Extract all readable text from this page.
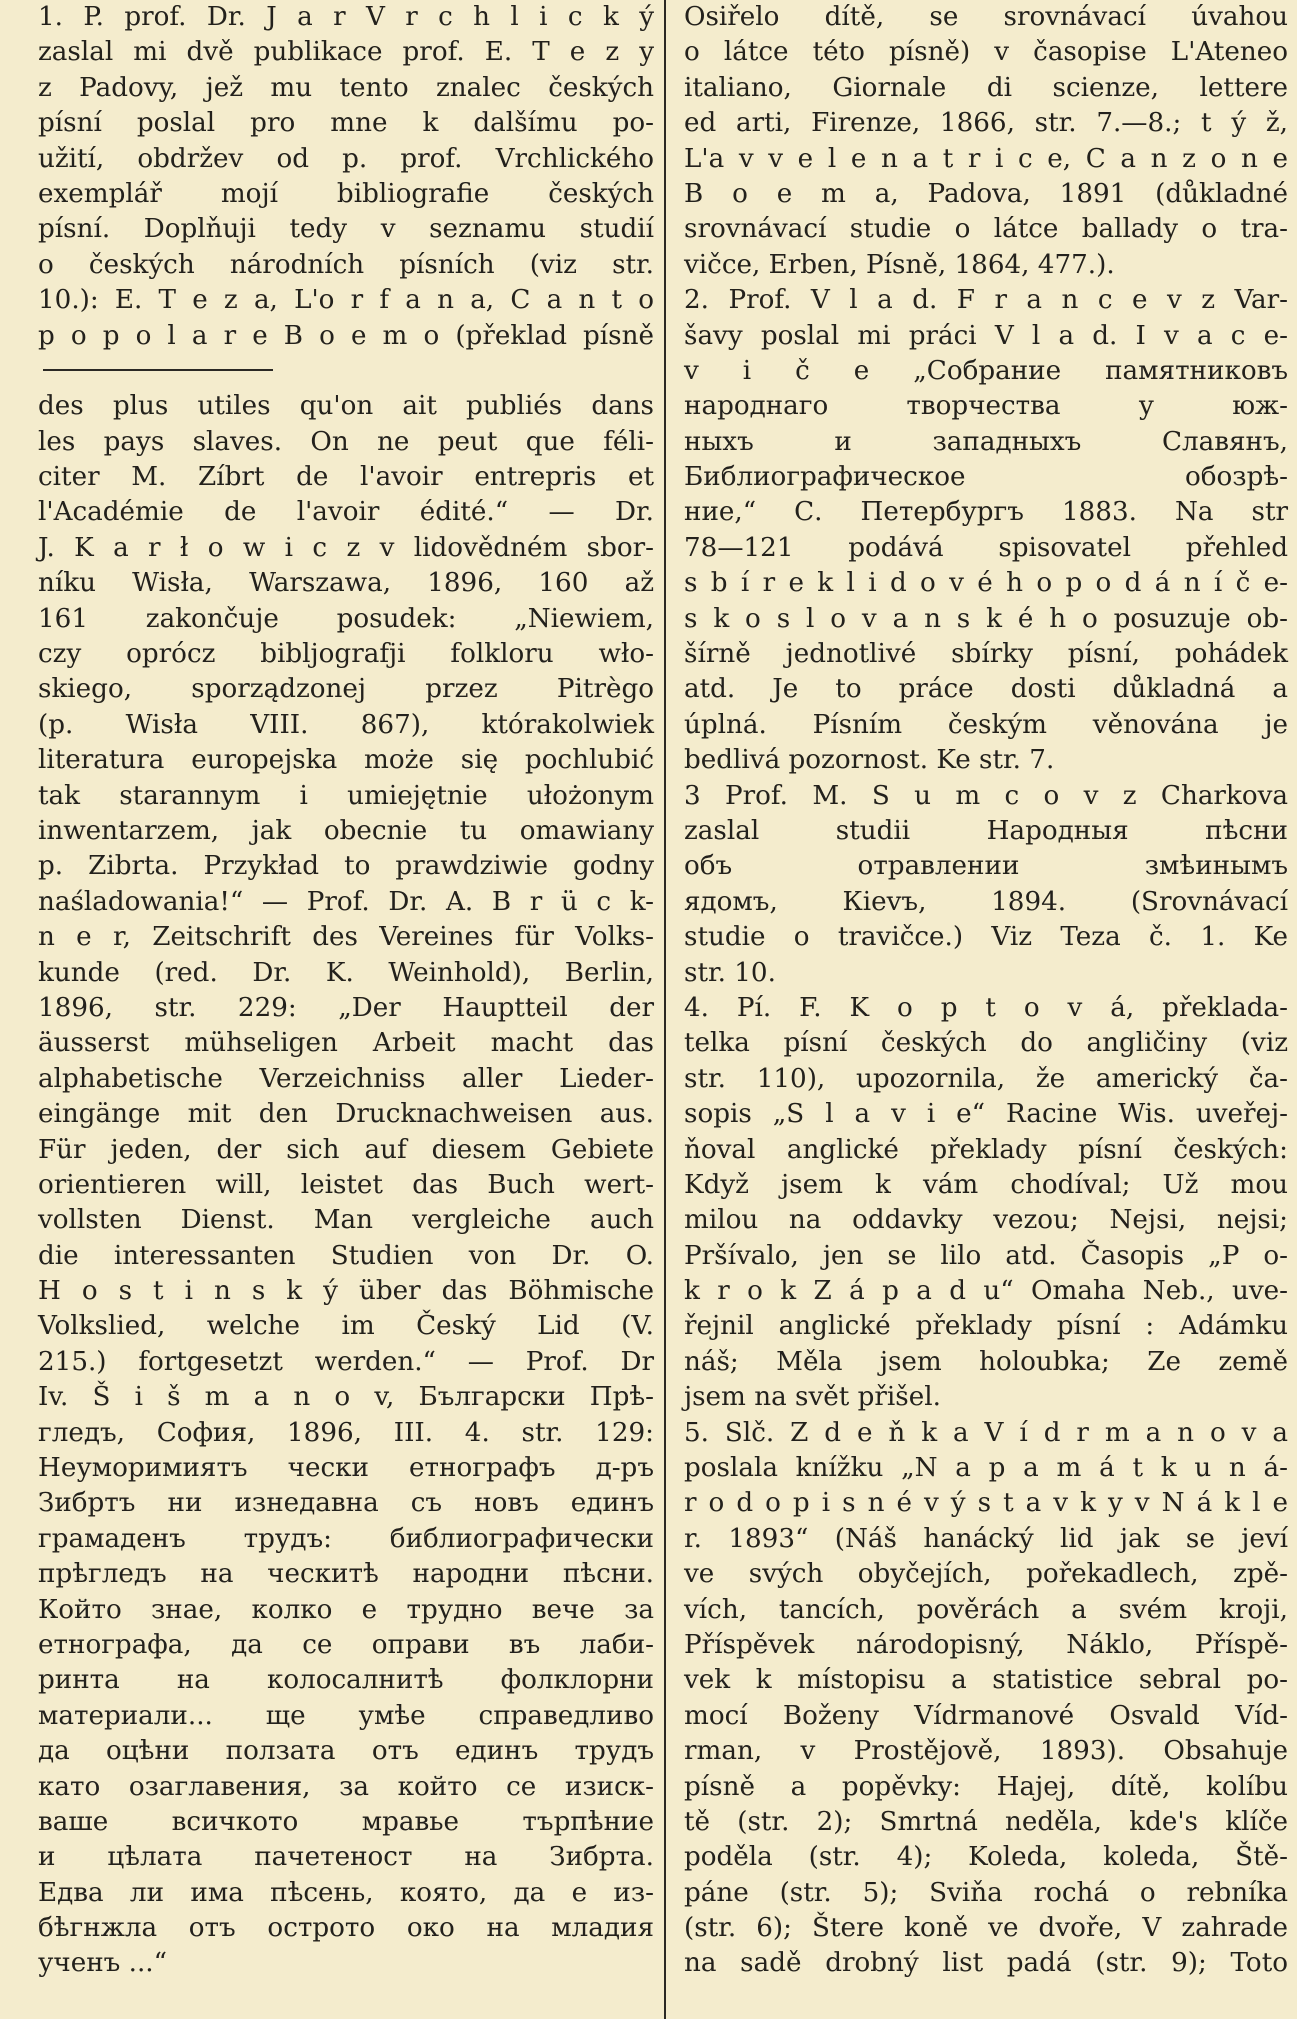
1. P. prof. Dr. J a r V r c h l i c k ý
zaslal mi dvě publikace prof. E. T e z y
z Padovy, jež mu tento znalec českých
písní poslal pro mne k dalšímu po-
užití, obdržev od p. prof. Vrchlického
exemplář mojí bibliografie českých
písní. Doplňuji tedy v seznamu studií
o českých národních písních (viz str.
10.): E. T e z a, L'o r f a n a, C a n t o
p o p o l a r e B o e m o (překlad písně
des plus utiles qu'on ait publiés dans
les pays slaves. On ne peut que féli-
citer M. Zíbrt de l'avoir entrepris et
l'Académie de l'avoir édité.“ — Dr.
J. K a r ł o w i c z v lidovědném sbor-
níku Wisła, Warszawa, 1896, 160 až
161 zakončuje posudek: „Niewiem,
czy oprócz bibljografji folkloru wło-
skiego, sporządzonej przez Pitrègo
(p. Wisła VIII. 867), którakolwiek
literatura europejska może się pochlubić
tak starannym i umiejętnie ułożonym
inwentarzem, jak obecnie tu omawiany
p. Zibrta. Przykład to prawdziwie godny
naśladowania!“ — Prof. Dr. A. B r ü c k-
n e r, Zeitschrift des Vereines für Volks-
kunde (red. Dr. K. Weinhold), Berlin,
1896, str. 229: „Der Hauptteil der
äusserst mühseligen Arbeit macht das
alphabetische Verzeichniss aller Lieder-
eingänge mit den Drucknachweisen aus.
Für jeden, der sich auf diesem Gebiete
orientieren will, leistet das Buch wert-
vollsten Dienst. Man vergleiche auch
die interessanten Studien von Dr. O.
H o s t i n s k ý über das Böhmische
Volkslied, welche im Český Lid (V.
215.) fortgesetzt werden.“ — Prof. Dr
Iv. Š i š m a n o v, Български Прѣ-
гледъ, София, 1896, III. 4. str. 129:
Неуморимиятъ чески етнографъ д-ръ
Зибртъ ни изнедавна съ новъ единъ
грамаденъ трудъ: библиографически
прѣгледъ на ческитѣ народни пѣсни.
Който знае, колко е трудно вече за
етнографа, да се оправи въ лаби-
ринта на колосалнитѣ фолклорни
материали... ще умѣе справедливо
да оцѣни ползата отъ единъ трудъ
като озаглавения, за който се изиск-
ваше всичкото мравье търпѣние
и цѣлата пачетеност на Зибрта.
Едва ли има пѣсень, която, да е из-
бѣгнжла отъ острото око на младия
ученъ ...“
Osiřelo dítě, se srovnávací úvahou
o látce této písně) v časopise L'Ateneo
italiano, Giornale di scienze, lettere
ed arti, Firenze, 1866, str. 7.—8.; t ý ž,
L'a v v e l e n a t r i c e, C a n z o n e
B o e m a, Padova, 1891 (důkladné
srovnávací studie o látce ballady o tra-
vičce, Erben, Písně, 1864, 477.).
2. Prof. V l a d. F r a n c e v z Var-
šavy poslal mi práci V l a d. I v a c e-
v i č e „Собрание памятниковъ
народнаго творчества у юж-
ныхъ и западныхъ Славянъ,
Библиографическое обозрѣ-
ние,“ С. Петербургъ 1883. Na str
78—121 podává spisovatel přehled
s b í r e k l i d o v é h o p o d á n í č e-
s k o s l o v a n s k é h o posuzuje ob-
šírně jednotlivé sbírky písní, pohádek
atd. Je to práce dosti důkladná a
úplná. Písním českým věnována je
bedlivá pozornost. Ke str. 7.
3 Prof. M. S u m c o v z Charkova
zaslal studii Народныя пѣсни
объ отравлении змѣинымъ
ядомъ, Кievъ, 1894. (Srovnávací
studie o travičce.) Viz Teza č. 1. Ke
str. 10.
4. Pí. F. K o p t o v á, překlada-
telka písní českých do angličiny (viz
str. 110), upozornila, že americký ča-
sopis „S l a v i e“ Racine Wis. uveřej-
ňoval anglické překlady písní českých:
Když jsem k vám chodíval; Už mou
milou na oddavky vezou; Nejsi, nejsi;
Pršívalo, jen se lilo atd. Časopis „P o-
k r o k Z á p a d u“ Omaha Neb., uve-
řejnil anglické překlady písní : Adámku
náš; Měla jsem holoubka; Ze země
jsem na svět přišel.
5. Slč. Z d e ň k a V í d r m a n o v a
poslala knížku „N a p a m á t k u n á-
r o d o p i s n é v ý s t a v k y v N á k l e
r. 1893“ (Náš hanácký lid jak se jeví
ve svých obyčejích, pořekadlech, zpě-
vích, tancích, pověrách a svém kroji,
Příspěvek národopisný, Náklo, Příspě-
vek k místopisu a statistice sebral po-
mocí Boženy Vídrmanové Osvald Víd-
rman, v Prostějově, 1893). Obsahuje
písně a popěvky: Hajej, dítě, kolíbu
tě (str. 2); Smrtná neděla, kde's klíče
poděla (str. 4); Koleda, koleda, Ště-
páne (str. 5); Sviňa rochá o rebníka
(str. 6); Štere koně ve dvoře, V zahrade
na sadě drobný list padá (str. 9); Toto
